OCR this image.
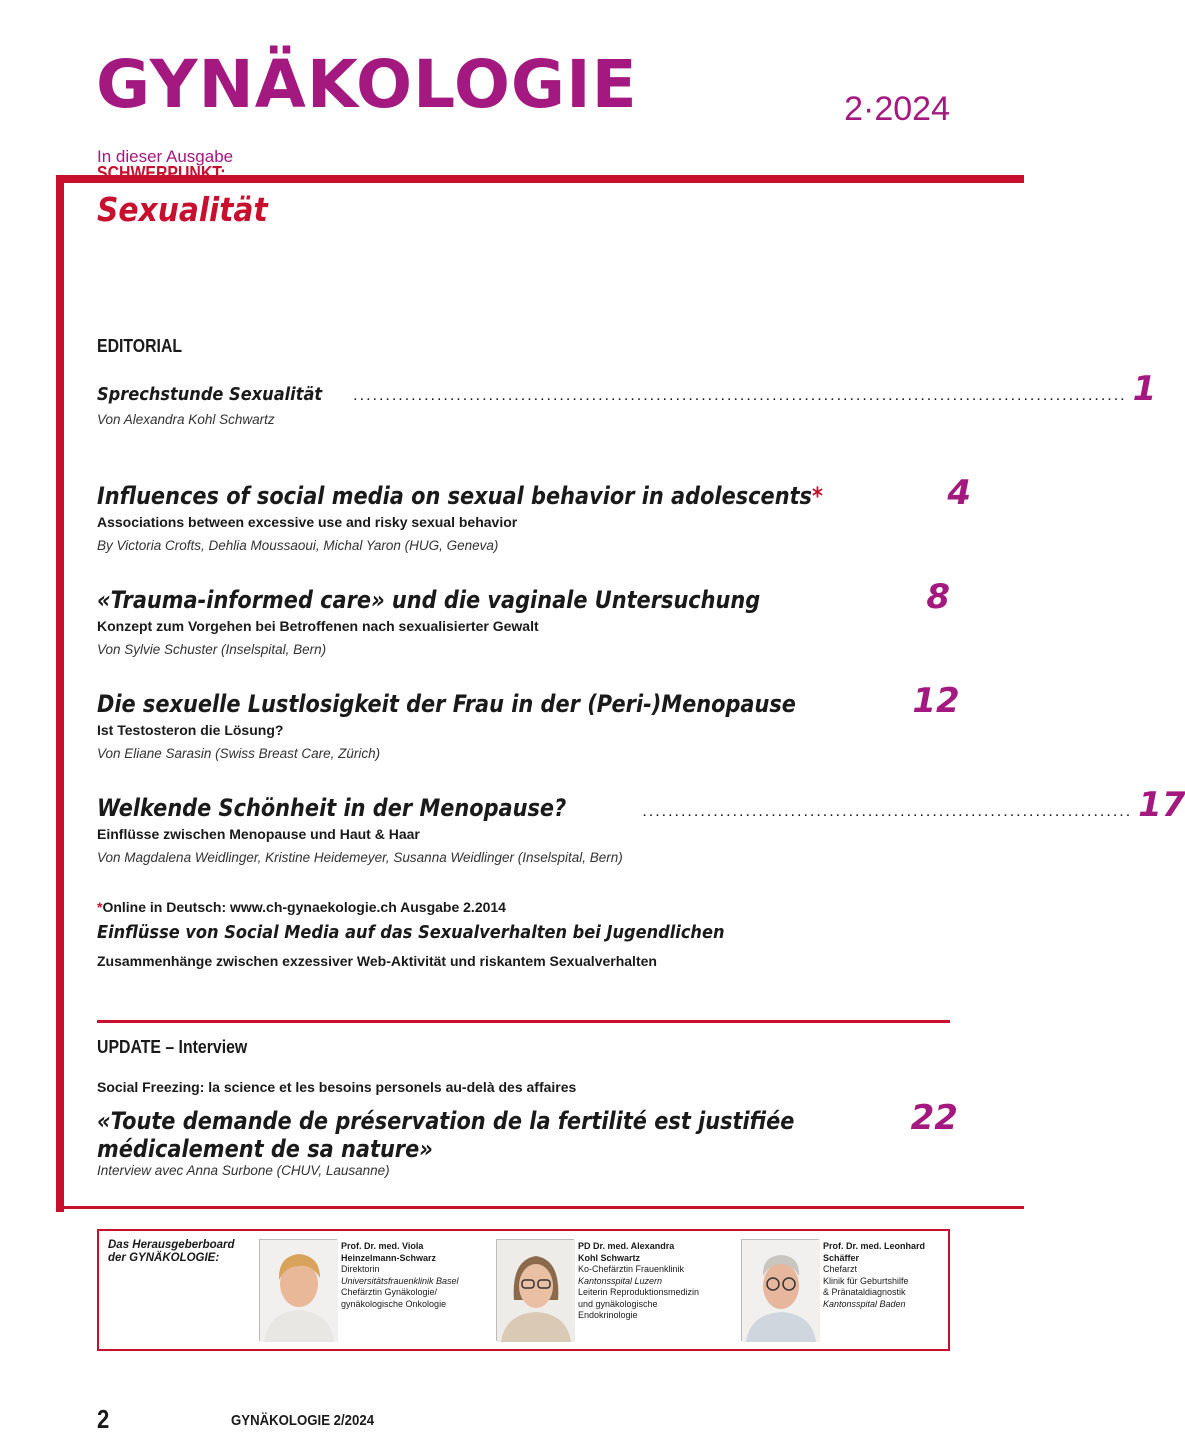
GYNÄKOLOGIE	2·2024
In dieser Ausgabe
SCHWERPUNKT:
Sexualität
EDITORIAL
Sprechstunde Sexualität ........................................................................................................................ 1
Von Alexandra Kohl Schwartz
Influences of social media on sexual behavior in adolescents*	4
Associations between excessive use and risky sexual behavior
By Victoria Crofts, Dehlia Moussaoui, Michal Yaron (HUG, Geneva)
«Trauma-informed care» und die vaginale Untersuchung	8
Konzept zum Vorgehen bei Betroffenen nach sexualisierter Gewalt
Von Sylvie Schuster (Inselspital, Bern)
Die sexuelle Lustlosigkeit der Frau in der (Peri-)Menopause	12
Ist Testosteron die Lösung?
Von Eliane Sarasin (Swiss Breast Care, Zürich)
Welkende Schönheit in der Menopause?	............................................................................ 17
Einflüsse zwischen Menopause und Haut & Haar
Von Magdalena Weidlinger, Kristine Heidemeyer, Susanna Weidlinger (Inselspital, Bern)
*Online in Deutsch: www.ch-gynaekologie.ch Ausgabe 2.2014
Einflüsse von Social Media auf das Sexualverhalten bei Jugendlichen
Zusammenhänge zwischen exzessiver Web-Aktivität und riskantem Sexualverhalten
UPDATE – Interview
Social Freezing: la science et les besoins personels au-delà des affaires
«Toute demande de préservation de la fertilité est justifiée	22
médicalement de sa nature»
Interview avec Anna Surbone (CHUV, Lausanne)
Das Herausgeberboard
der GYNÄKOLOGIE:
Prof. Dr. med. Viola
Heinzelmann-Schwarz
Direktorin
Universitätsfrauenklinik Basel
Chefärztin Gynäkologie/
gynäkologische Onkologie
PD Dr. med. Alexandra
Kohl Schwartz
Ko-Chefärztin Frauenklinik
Kantonsspital Luzern
Leiterin Reproduktionsmedizin
und gynäkologische
Endokrinologie
Prof. Dr. med. Leonhard
Schäffer
Chefarzt
Klinik für Geburtshilfe
& Pränataldiagnostik
Kantonsspital Baden
2	GYNÄKOLOGIE 2/2024
